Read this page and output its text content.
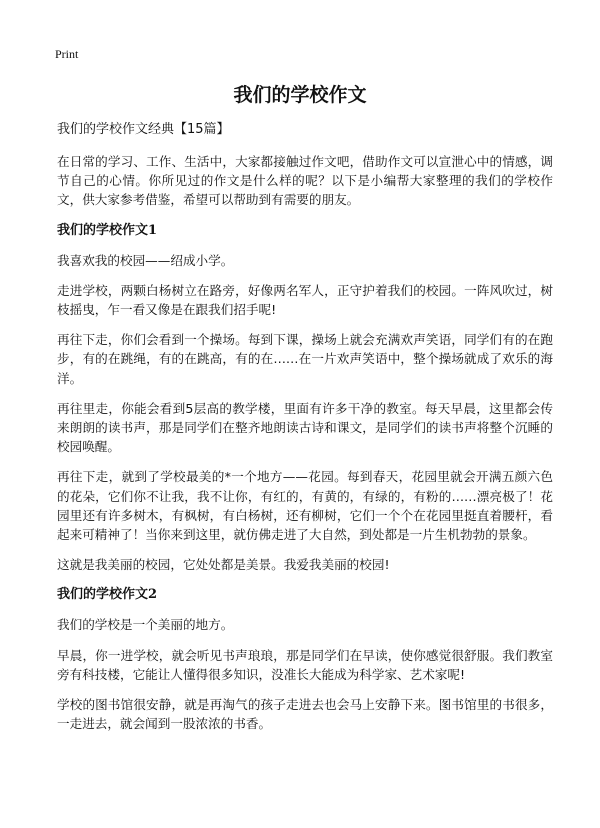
Print
我们的学校作文
我们的学校作文经典【15篇】

在日常的学习、工作、生活中，大家都接触过作文吧，借助作文可以宣泄心中的情感，调节自己的心情。你所见过的作文是什么样的呢？以下是小编帮大家整理的我们的学校作文，供大家参考借鉴，希望可以帮助到有需要的朋友。

我们的学校作文1

我喜欢我的校园——绍成小学。

走进学校，两颗白杨树立在路旁，好像两名军人，正守护着我们的校园。一阵风吹过，树枝摇曳，乍一看又像是在跟我们招手呢!

再往下走，你们会看到一个操场。每到下课，操场上就会充满欢声笑语，同学们有的在跑步，有的在跳绳，有的在跳高，有的在……在一片欢声笑语中，整个操场就成了欢乐的海洋。

再往里走，你能会看到5层高的教学楼，里面有许多干净的教室。每天早晨，这里都会传来朗朗的读书声，那是同学们在整齐地朗读古诗和课文，是同学们的读书声将整个沉睡的校园唤醒。

再往下走，就到了学校最美的*一个地方——花园。每到春天，花园里就会开满五颜六色的花朵，它们你不让我，我不让你，有红的，有黄的，有绿的，有粉的……漂亮极了！花园里还有许多树木，有枫树，有白杨树，还有柳树，它们一个个在花园里挺直着腰杆，看起来可精神了！当你来到这里，就仿佛走进了大自然，到处都是一片生机勃勃的景象。

这就是我美丽的校园，它处处都是美景。我爱我美丽的校园!

我们的学校作文2

我们的学校是一个美丽的地方。

早晨，你一进学校，就会听见书声琅琅，那是同学们在早读，使你感觉很舒服。我们教室旁有科技楼，它能让人懂得很多知识，没准长大能成为科学家、艺术家呢!

学校的图书馆很安静，就是再淘气的孩子走进去也会马上安静下来。图书馆里的书很多，一走进去，就会闻到一股浓浓的书香。
